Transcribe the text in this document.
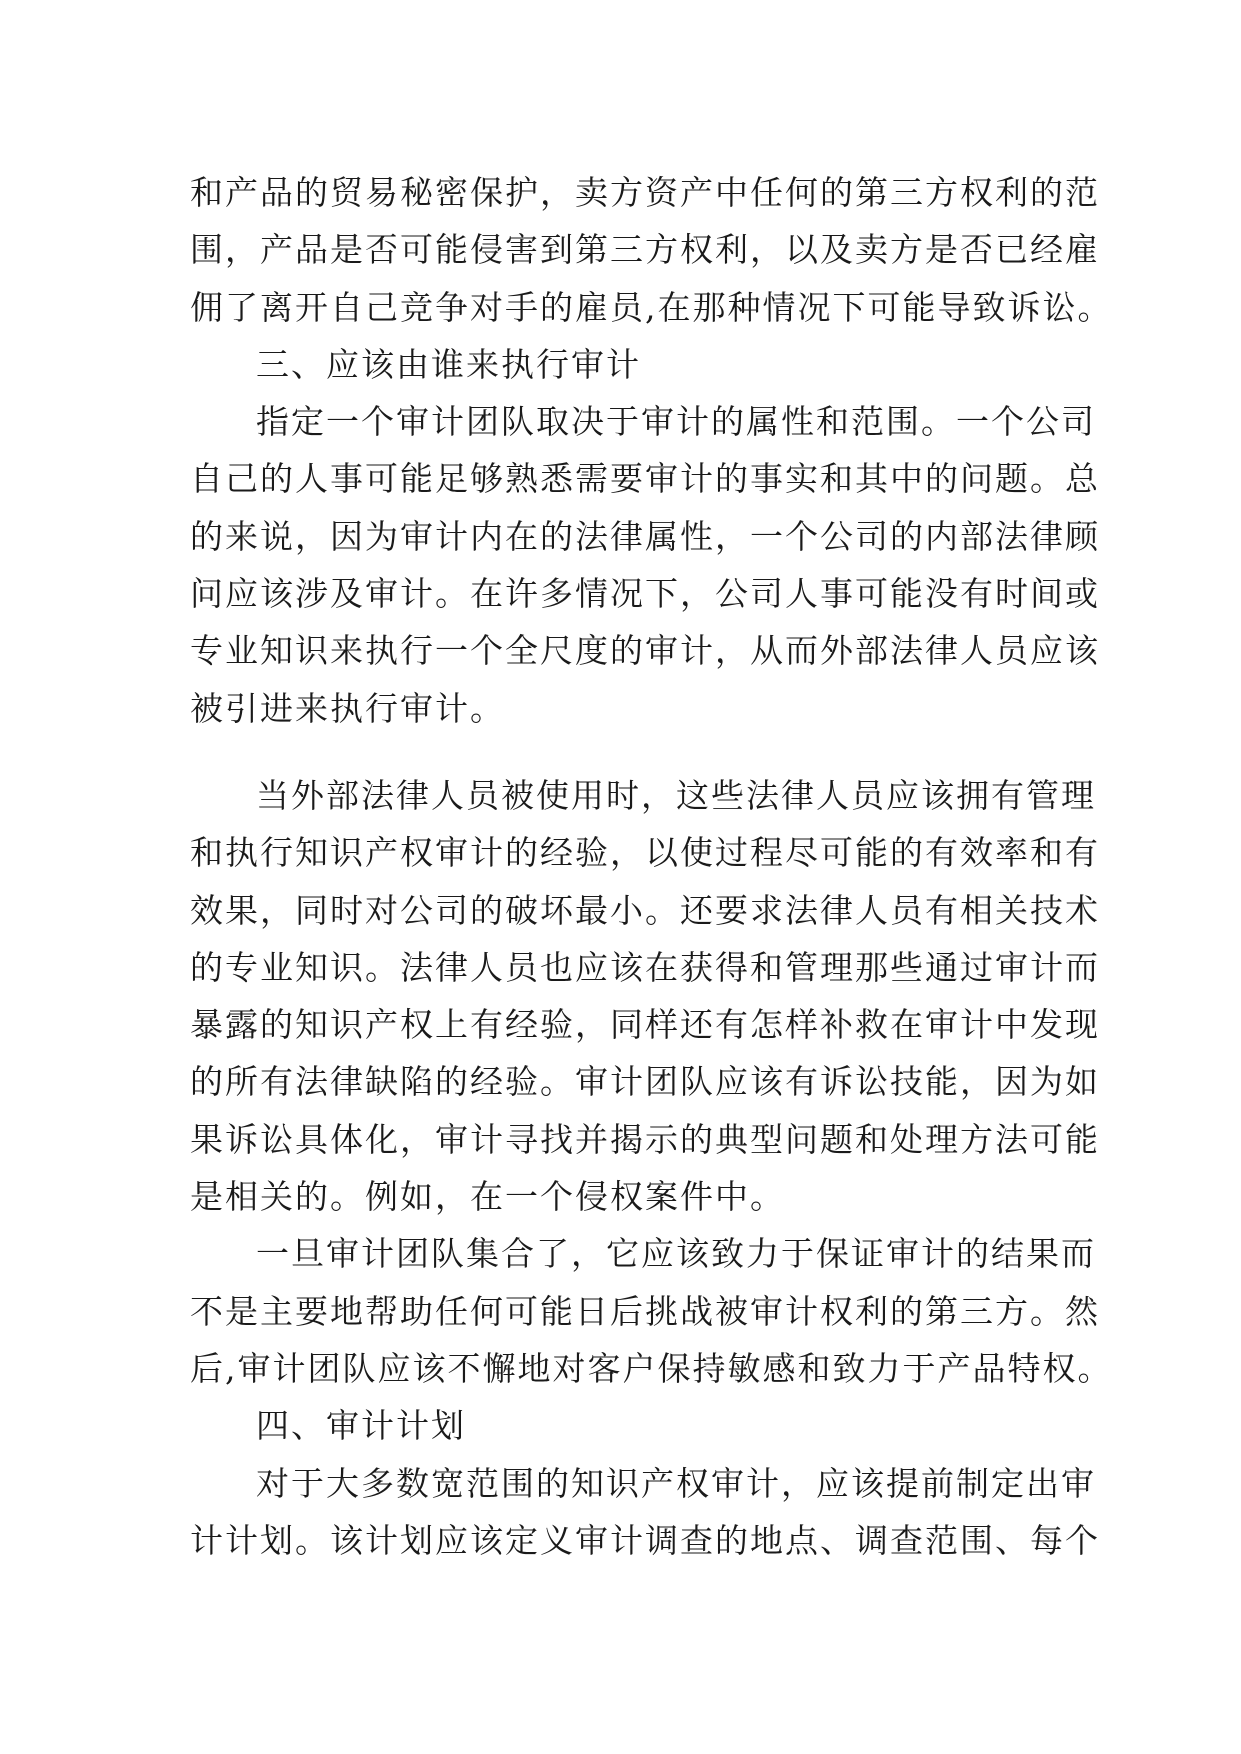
和产品的贸易秘密保护，卖方资产中任何的第三方权利的范
围，产品是否可能侵害到第三方权利，以及卖方是否已经雇
佣了离开自己竞争对手的雇员,在那种情况下可能导致诉讼。
三、应该由谁来执行审计
指定一个审计团队取决于审计的属性和范围。一个公司
自己的人事可能足够熟悉需要审计的事实和其中的问题。总
的来说，因为审计内在的法律属性，一个公司的内部法律顾
问应该涉及审计。在许多情况下，公司人事可能没有时间或
专业知识来执行一个全尺度的审计，从而外部法律人员应该
被引进来执行审计。
当外部法律人员被使用时，这些法律人员应该拥有管理
和执行知识产权审计的经验，以使过程尽可能的有效率和有
效果，同时对公司的破坏最小。还要求法律人员有相关技术
的专业知识。法律人员也应该在获得和管理那些通过审计而
暴露的知识产权上有经验，同样还有怎样补救在审计中发现
的所有法律缺陷的经验。审计团队应该有诉讼技能，因为如
果诉讼具体化，审计寻找并揭示的典型问题和处理方法可能
是相关的。例如，在一个侵权案件中。
一旦审计团队集合了，它应该致力于保证审计的结果而
不是主要地帮助任何可能日后挑战被审计权利的第三方。然
后,审计团队应该不懈地对客户保持敏感和致力于产品特权。
四、审计计划
对于大多数宽范围的知识产权审计，应该提前制定出审
计计划。该计划应该定义审计调查的地点、调查范围、每个
